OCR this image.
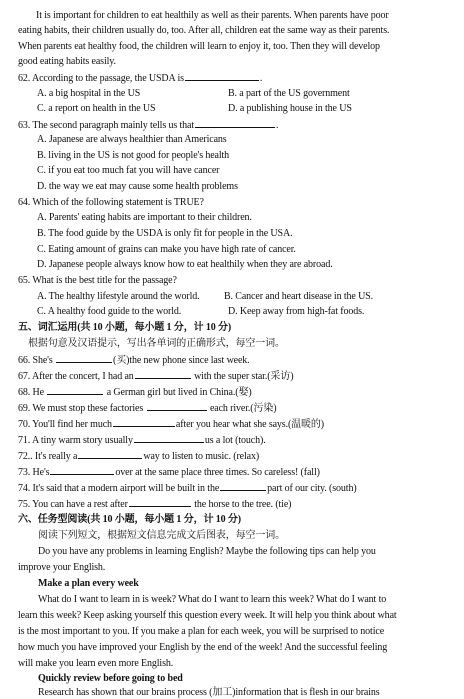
It is important for children to eat healthily as well as their parents. When parents have poor
eating habits, their children usually do, too. After all, children eat the same way as their parents.
When parents eat healthy food, the children will learn to enjoy it, too. Then they will develop
good eating habits easily.
62. According to the passage, the USDA is	.
A. a big hospital in the US	B. a part of the US government
C. a report on health in the US	D. a publishing house in the US
63. The second paragraph mainly tells us that	.
A. Japanese are always healthier than Americans
B. living in the US is not good for people's health
C. if you eat too much fat you will have cancer
D. the way we eat may cause some health problems
64. Which of the following statement is TRUE?
A. Parents' eating habits are important to their children.
B. The food guide by the USDA is only fit for people in the USA.
C. Eating amount of grains can make you have high rate of cancer.
D. Japanese people always know how to eat healthily when they are abroad.
65. What is the best title for the passage?
A. The healthy lifestyle around the world. B. Cancer and heart disease in the US.
C. A healthy food guide to the world.	D. Keep away from high-fat foods.
五、词汇运用(共 10 小题，每小题 1 分，计 10 分)
根据句意及汉语提示，写出各单词的正确形式，每空一词。
66. She's	(买)the new phone since last week.
67. After the concert, I had an	with the super star.(采访)
68. He	a German girl but lived in China.(娶)
69. We must stop these factories	each river.(污染)
70. You'll find her much	after you hear what she says.(温暖的)
71. A tiny warm story usually	us a lot (touch).
72.. It's really a	way to listen to music. (relax)
73. He's	over at the same place three times. So careless! (fall)
74. It's said that a modern airport will be built in the	part of our city. (south)
75. You can have a rest after	the horse to the tree. (tie)
六、任务型阅读(共 10 小题，每小题 1 分，计 10 分)
阅读下列短文，根据短文信息完成文后图表，每空一词。
Do you have any problems in learning English? Maybe the following tips can help you
improve your English.
Make a plan every week
What do I want to learn in is week? What do I want to learn this week? What do I want to
learn this week? Keep asking yourself this question every week. It will help you think about what
is the most important to you. If you make a plan for each week, you will be surprised to notice
how much you have improved your English by the end of the week! And the successful feeling
will make you learn even more English.
Quickly review before going to bed
Research has shown that our brains process (加工)information that is flesh in our brains
